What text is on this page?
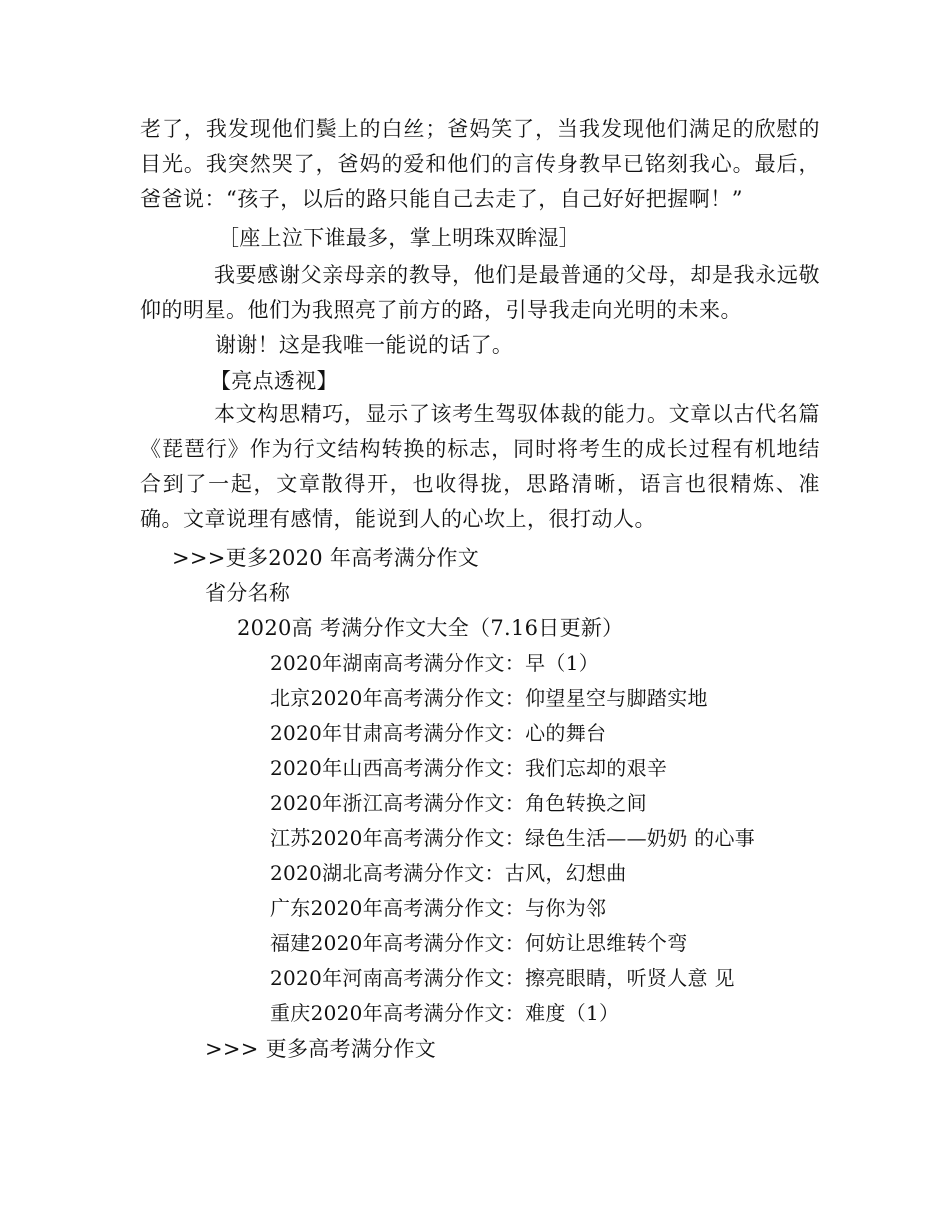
老了，我发现他们鬓上的白丝；爸妈笑了，当我发现他们满足的欣慰的目光。我突然哭了，爸妈的爱和他们的言传身教早已铭刻我心。最后，爸爸说：“孩子，以后的路只能自己去走了，自己好好把握啊！”

［座上泣下谁最多，掌上明珠双眸湿］

我要感谢父亲母亲的教导，他们是最普通的父母，却是我永远敬仰的明星。他们为我照亮了前方的路，引导我走向光明的未来。

谢谢！这是我唯一能说的话了。

【亮点透视】

本文构思精巧，显示了该考生驾驭体裁的能力。文章以古代名篇《琵琶行》作为行文结构转换的标志，同时将考生的成长过程有机地结合到了一起，文章散得开，也收得拢，思路清晰，语言也很精炼、准确。文章说理有感情，能说到人的心坎上，很打动人。

>>>更多2020 年高考满分作文

省分名称

2020高 考满分作文大全（7.16日更新）
2020年湖南高考满分作文：早（1）
北京2020年高考满分作文：仰望星空与脚踏实地
2020年甘肃高考满分作文：心的舞台
2020年山西高考满分作文：我们忘却的艰辛
2020年浙江高考满分作文：角色转换之间
江苏2020年高考满分作文：绿色生活——奶奶 的心事
2020湖北高考满分作文：古风，幻想曲
广东2020年高考满分作文：与你为邻
福建2020年高考满分作文：何妨让思维转个弯
2020年河南高考满分作文：擦亮眼睛，听贤人意 见
重庆2020年高考满分作文：难度（1）
>>> 更多高考满分作文
